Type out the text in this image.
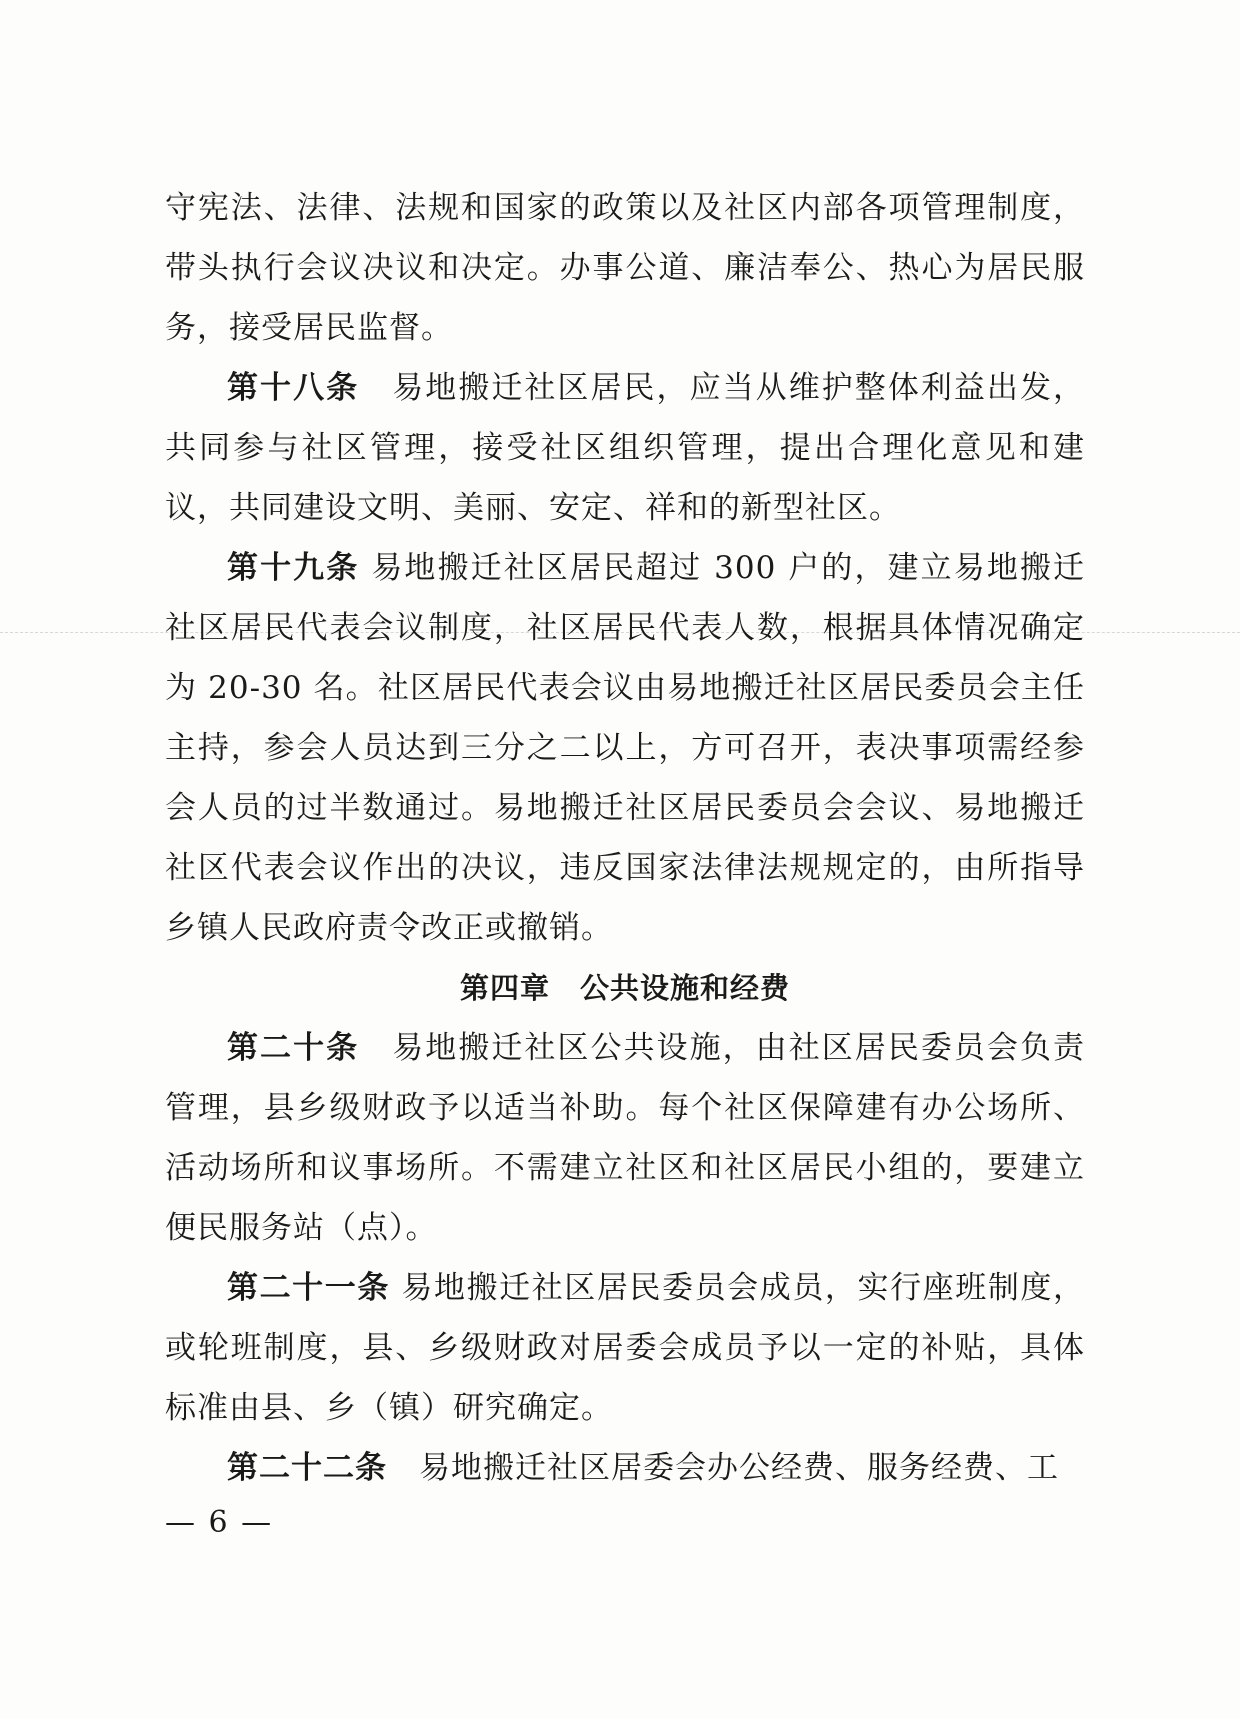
守宪法、法律、法规和国家的政策以及社区内部各项管理制度，带头执行会议决议和决定。办事公道、廉洁奉公、热心为居民服务，接受居民监督。

第十八条　 易地搬迁社区居民，应当从维护整体利益出发，共同参与社区管理，接受社区组织管理，提出合理化意见和建议，共同建设文明、美丽、安定、祥和的新型社区。

第十九条 易地搬迁社区居民超过 300 户的，建立易地搬迁社区居民代表会议制度，社区居民代表人数，根据具体情况确定为 20-30 名。社区居民代表会议由易地搬迁社区居民委员会主任主持，参会人员达到三分之二以上，方可召开，表决事项需经参会人员的过半数通过。易地搬迁社区居民委员会会议、易地搬迁社区代表会议作出的决议，违反国家法律法规规定的，由所指导乡镇人民政府责令改正或撤销。

第四章　公共设施和经费

第二十条　 易地搬迁社区公共设施，由社区居民委员会负责管理，县乡级财政予以适当补助。每个社区保障建有办公场所、活动场所和议事场所。不需建立社区和社区居民小组的，要建立便民服务站（点）。

第二十一条 易地搬迁社区居民委员会成员，实行座班制度，或轮班制度，县、乡级财政对居委会成员予以一定的补贴，具体标准由县、乡（镇）研究确定。

第二十二条　 易地搬迁社区居委会办公经费、服务经费、工

— 6 —
